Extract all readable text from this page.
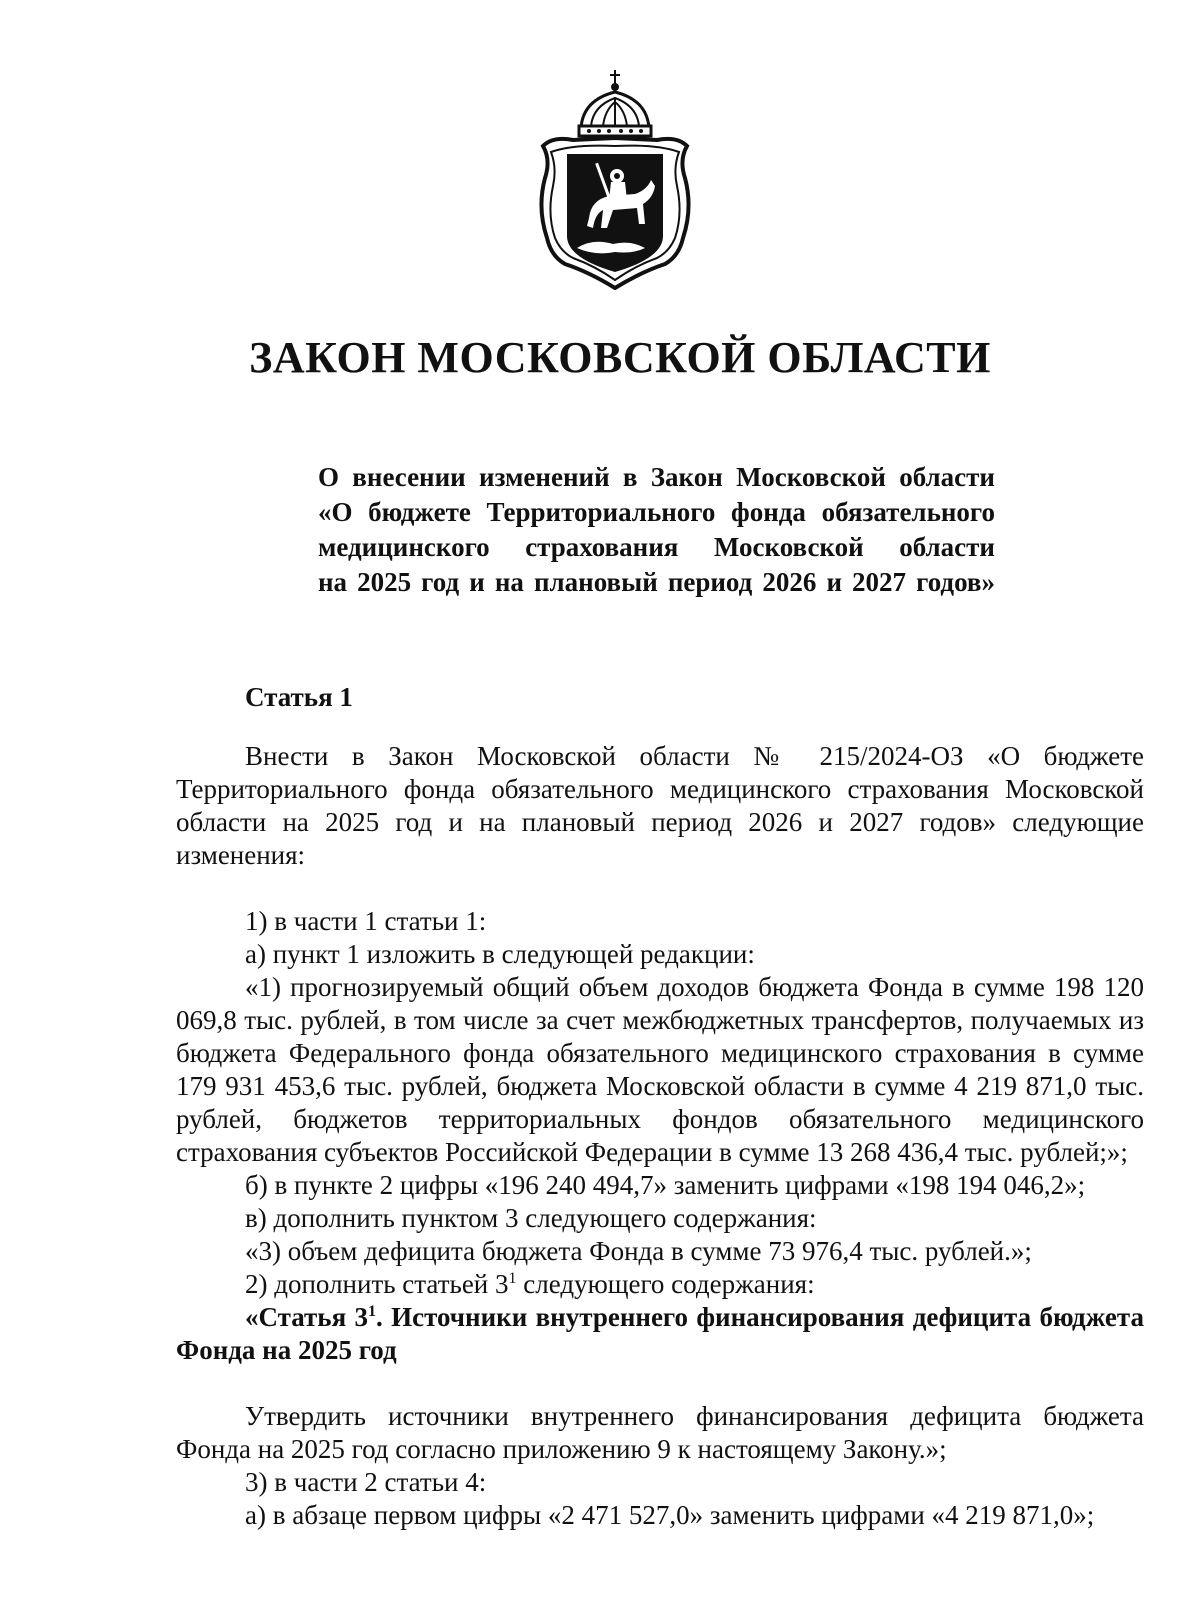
ЗАКОН МОСКОВСКОЙ ОБЛАСТИ
О внесении изменений в Закон Московской области
«О бюджете Территориального фонда обязательного
медицинского страхования Московской области
на 2025 год и на плановый период 2026 и 2027 годов»
Статья 1

Внести в Закон Московской области № 215/2024-ОЗ «О бюджете Территориального фонда обязательного медицинского страхования Московской области на 2025 год и на плановый период 2026 и 2027 годов» следующие изменения:

1) в части 1 статьи 1:

а) пункт 1 изложить в следующей редакции:

«1) прогнозируемый общий объем доходов бюджета Фонда в сумме 198 120 069,8 тыс. рублей, в том числе за счет межбюджетных трансфертов, получаемых из бюджета Федерального фонда обязательного медицинского страхования в сумме 179 931 453,6 тыс. рублей, бюджета Московской области в сумме 4 219 871,0 тыс. рублей, бюджетов территориальных фондов обязательного медицинского страхования субъектов Российской Федерации в сумме 13 268 436,4 тыс. рублей;»;

б) в пункте 2 цифры «196 240 494,7» заменить цифрами «198 194 046,2»;

в) дополнить пунктом 3 следующего содержания:

«3) объем дефицита бюджета Фонда в сумме 73 976,4 тыс. рублей.»;

2) дополнить статьей $3^1$ следующего содержания:

«Статья $3^1$. Источники внутреннего финансирования дефицита бюджета Фонда на 2025 год

Утвердить источники внутреннего финансирования дефицита бюджета Фонда на 2025 год согласно приложению 9 к настоящему Закону.»;

3) в части 2 статьи 4:

а) в абзаце первом цифры «2 471 527,0» заменить цифрами «4 219 871,0»;
